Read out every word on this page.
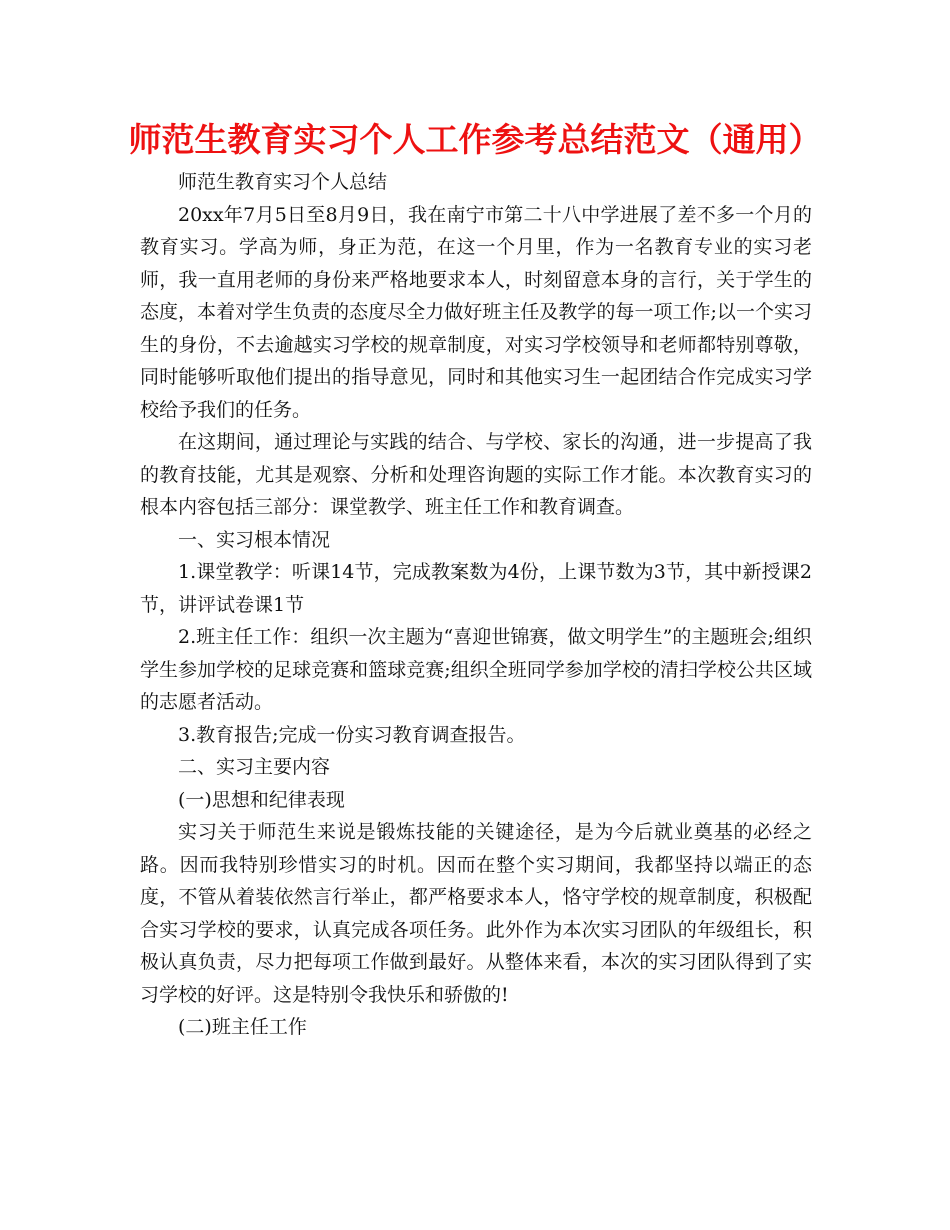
师范生教育实习个人工作参考总结范文（通用）

师范生教育实习个人总结

20xx年7月5日至8月9日，我在南宁市第二十八中学进展了差不多一个月的教育实习。学高为师，身正为范，在这一个月里，作为一名教育专业的实习老师，我一直用老师的身份来严格地要求本人，时刻留意本身的言行，关于学生的态度，本着对学生负责的态度尽全力做好班主任及教学的每一项工作;以一个实习生的身份，不去逾越实习学校的规章制度，对实习学校领导和老师都特别尊敬，同时能够听取他们提出的指导意见，同时和其他实习生一起团结合作完成实习学校给予我们的任务。

在这期间，通过理论与实践的结合、与学校、家长的沟通，进一步提高了我的教育技能，尤其是观察、分析和处理咨询题的实际工作才能。本次教育实习的根本内容包括三部分：课堂教学、班主任工作和教育调查。

一、实习根本情况

1.课堂教学：听课14节，完成教案数为4份，上课节数为3节，其中新授课2节，讲评试卷课1节

2.班主任工作：组织一次主题为“喜迎世锦赛，做文明学生”的主题班会;组织学生参加学校的足球竞赛和篮球竞赛;组织全班同学参加学校的清扫学校公共区域的志愿者活动。

3.教育报告;完成一份实习教育调查报告。

二、实习主要内容

(一)思想和纪律表现

实习关于师范生来说是锻炼技能的关键途径，是为今后就业奠基的必经之路。因而我特别珍惜实习的时机。因而在整个实习期间，我都坚持以端正的态度，不管从着装依然言行举止，都严格要求本人，恪守学校的规章制度，积极配合实习学校的要求，认真完成各项任务。此外作为本次实习团队的年级组长，积极认真负责，尽力把每项工作做到最好。从整体来看，本次的实习团队得到了实习学校的好评。这是特别令我快乐和骄傲的!

(二)班主任工作
